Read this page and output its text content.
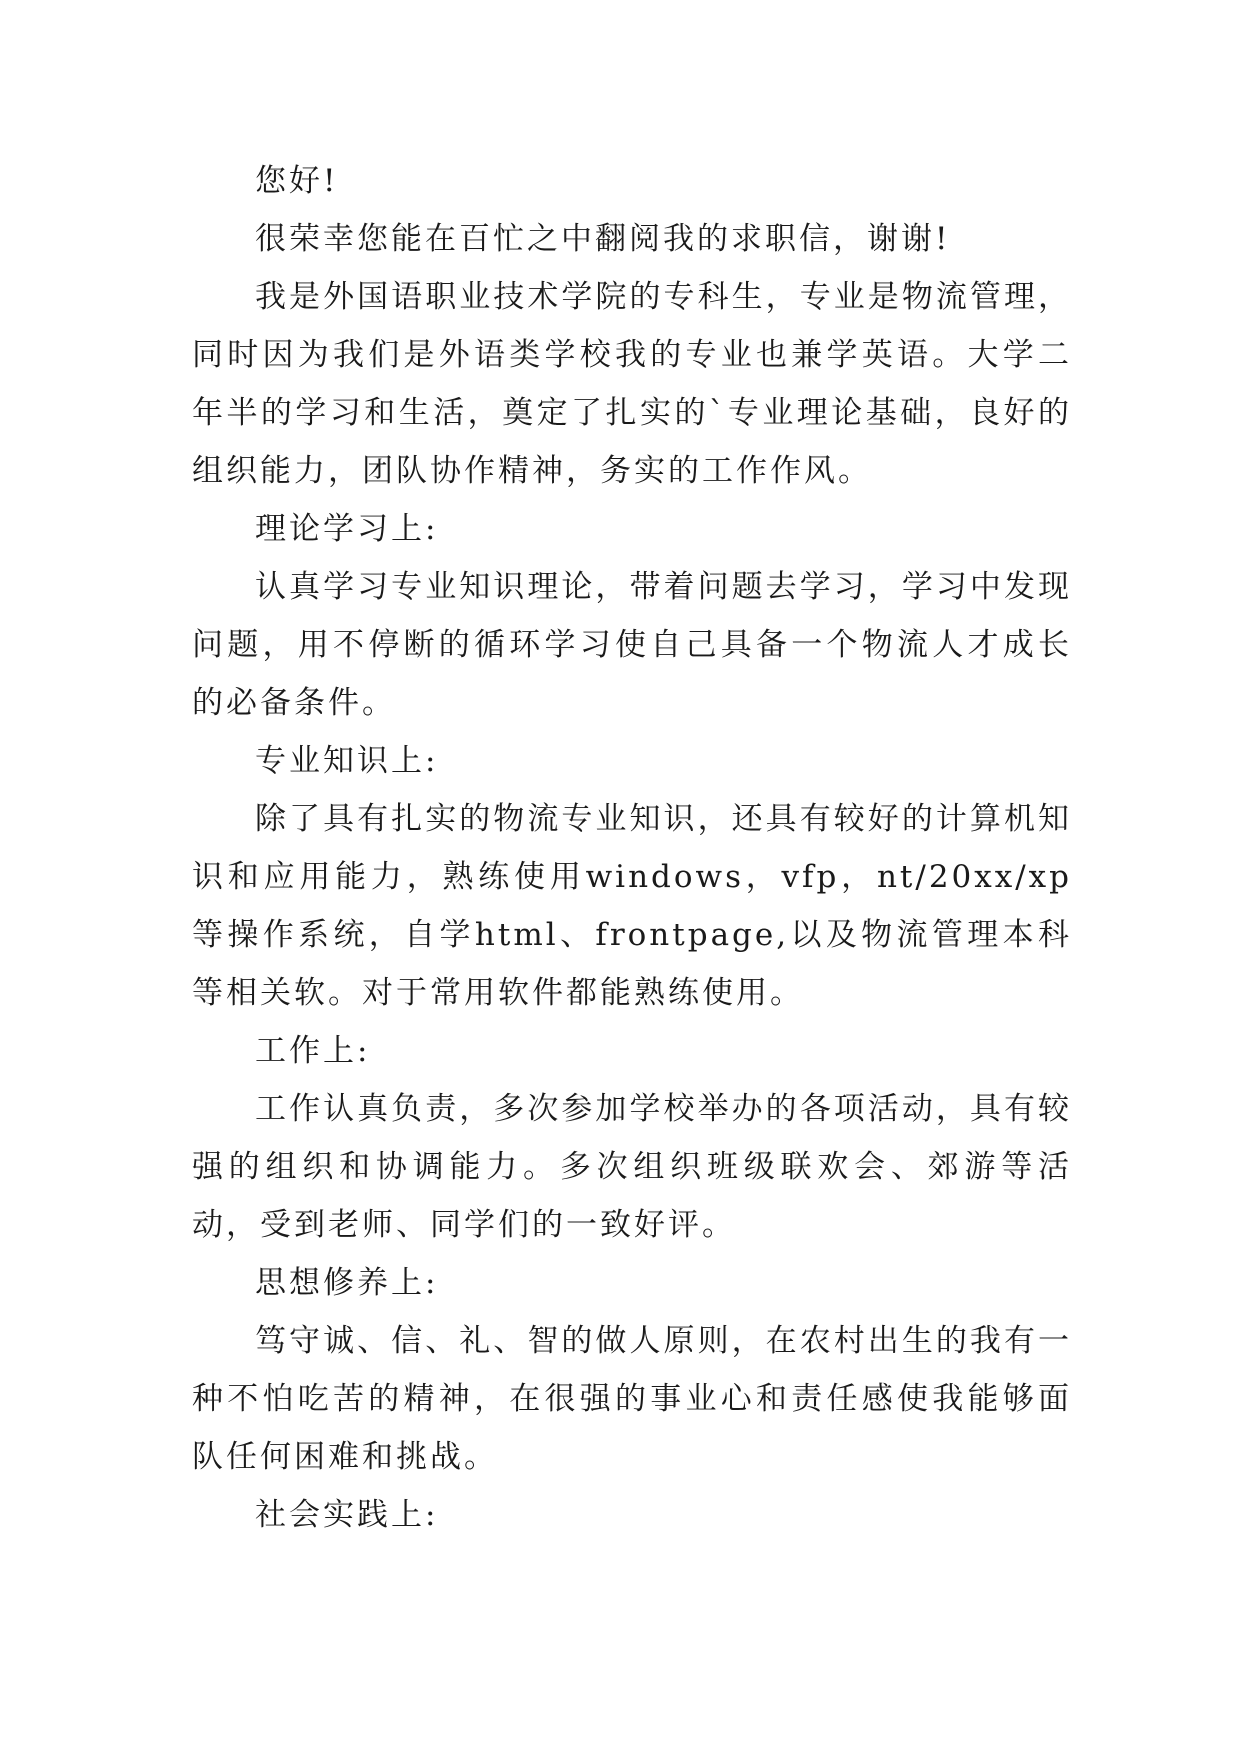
您好!

很荣幸您能在百忙之中翻阅我的求职信，谢谢!

我是外国语职业技术学院的专科生，专业是物流管理，同时因为我们是外语类学校我的专业也兼学英语。大学二年半的学习和生活，奠定了扎实的`专业理论基础，良好的组织能力，团队协作精神，务实的工作作风。

理论学习上:

认真学习专业知识理论，带着问题去学习，学习中发现问题，用不停断的循环学习使自己具备一个物流人才成长的必备条件。

专业知识上:

除了具有扎实的物流专业知识，还具有较好的计算机知识和应用能力，熟练使用windows，vfp，nt/20xx/xp等操作系统，自学html、frontpage,以及物流管理本科等相关软。对于常用软件都能熟练使用。

工作上:

工作认真负责，多次参加学校举办的各项活动，具有较强的组织和协调能力。多次组织班级联欢会、郊游等活动，受到老师、同学们的一致好评。

思想修养上:

笃守诚、信、礼、智的做人原则，在农村出生的我有一种不怕吃苦的精神，在很强的事业心和责任感使我能够面队任何困难和挑战。

社会实践上:
